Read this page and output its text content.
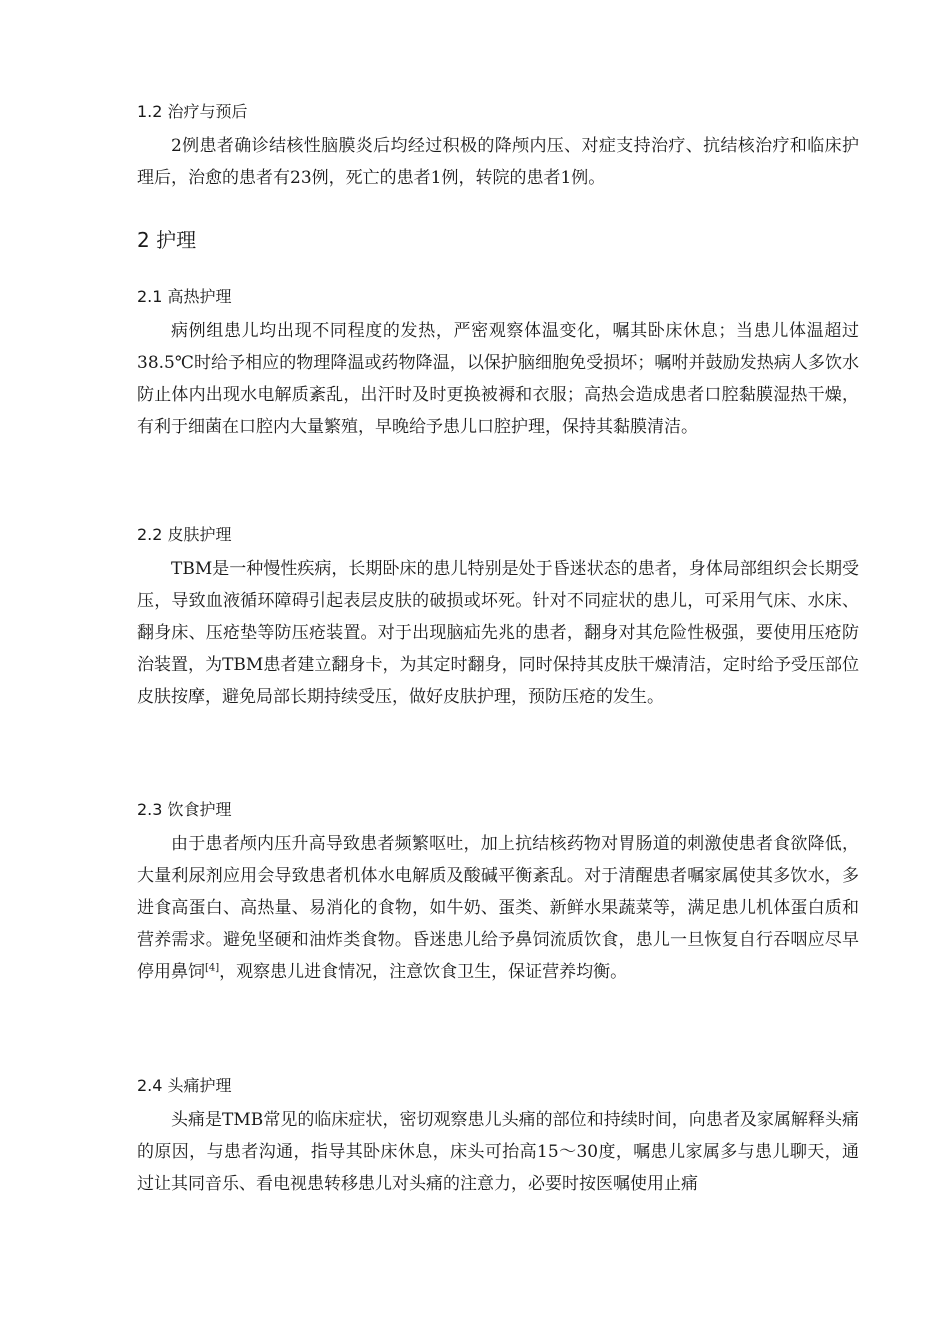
1.2 治疗与预后

2例患者确诊结核性脑膜炎后均经过积极的降颅内压、对症支持治疗、抗结核治疗和临床护理后，治愈的患者有23例，死亡的患者1例，转院的患者1例。

2 护理
2.1 高热护理

病例组患儿均出现不同程度的发热，严密观察体温变化，嘱其卧床休息；当患儿体温超过38.5℃时给予相应的物理降温或药物降温，以保护脑细胞免受损坏；嘱咐并鼓励发热病人多饮水防止体内出现水电解质紊乱，出汗时及时更换被褥和衣服；高热会造成患者口腔黏膜湿热干燥，有利于细菌在口腔内大量繁殖，早晚给予患儿口腔护理，保持其黏膜清洁。

2.2 皮肤护理

TBM是一种慢性疾病，长期卧床的患儿特别是处于昏迷状态的患者，身体局部组织会长期受压，导致血液循环障碍引起表层皮肤的破损或坏死。针对不同症状的患儿，可采用气床、水床、翻身床、压疮垫等防压疮装置。对于出现脑疝先兆的患者，翻身对其危险性极强，要使用压疮防治装置，为TBM患者建立翻身卡，为其定时翻身，同时保持其皮肤干燥清洁，定时给予受压部位皮肤按摩，避免局部长期持续受压，做好皮肤护理，预防压疮的发生。

2.3 饮食护理

由于患者颅内压升高导致患者频繁呕吐，加上抗结核药物对胃肠道的刺激使患者食欲降低，大量利尿剂应用会导致患者机体水电解质及酸碱平衡紊乱。对于清醒患者嘱家属使其多饮水，多进食高蛋白、高热量、易消化的食物，如牛奶、蛋类、新鲜水果蔬菜等，满足患儿机体蛋白质和营养需求。避免坚硬和油炸类食物。昏迷患儿给予鼻饲流质饮食，患儿一旦恢复自行吞咽应尽早停用鼻饲[4]，观察患儿进食情况，注意饮食卫生，保证营养均衡。

2.4 头痛护理

头痛是TMB常见的临床症状，密切观察患儿头痛的部位和持续时间，向患者及家属解释头痛的原因，与患者沟通，指导其卧床休息，床头可抬高15～30度，嘱患儿家属多与患儿聊天，通过让其同音乐、看电视患转移患儿对头痛的注意力，必要时按医嘱使用止痛
